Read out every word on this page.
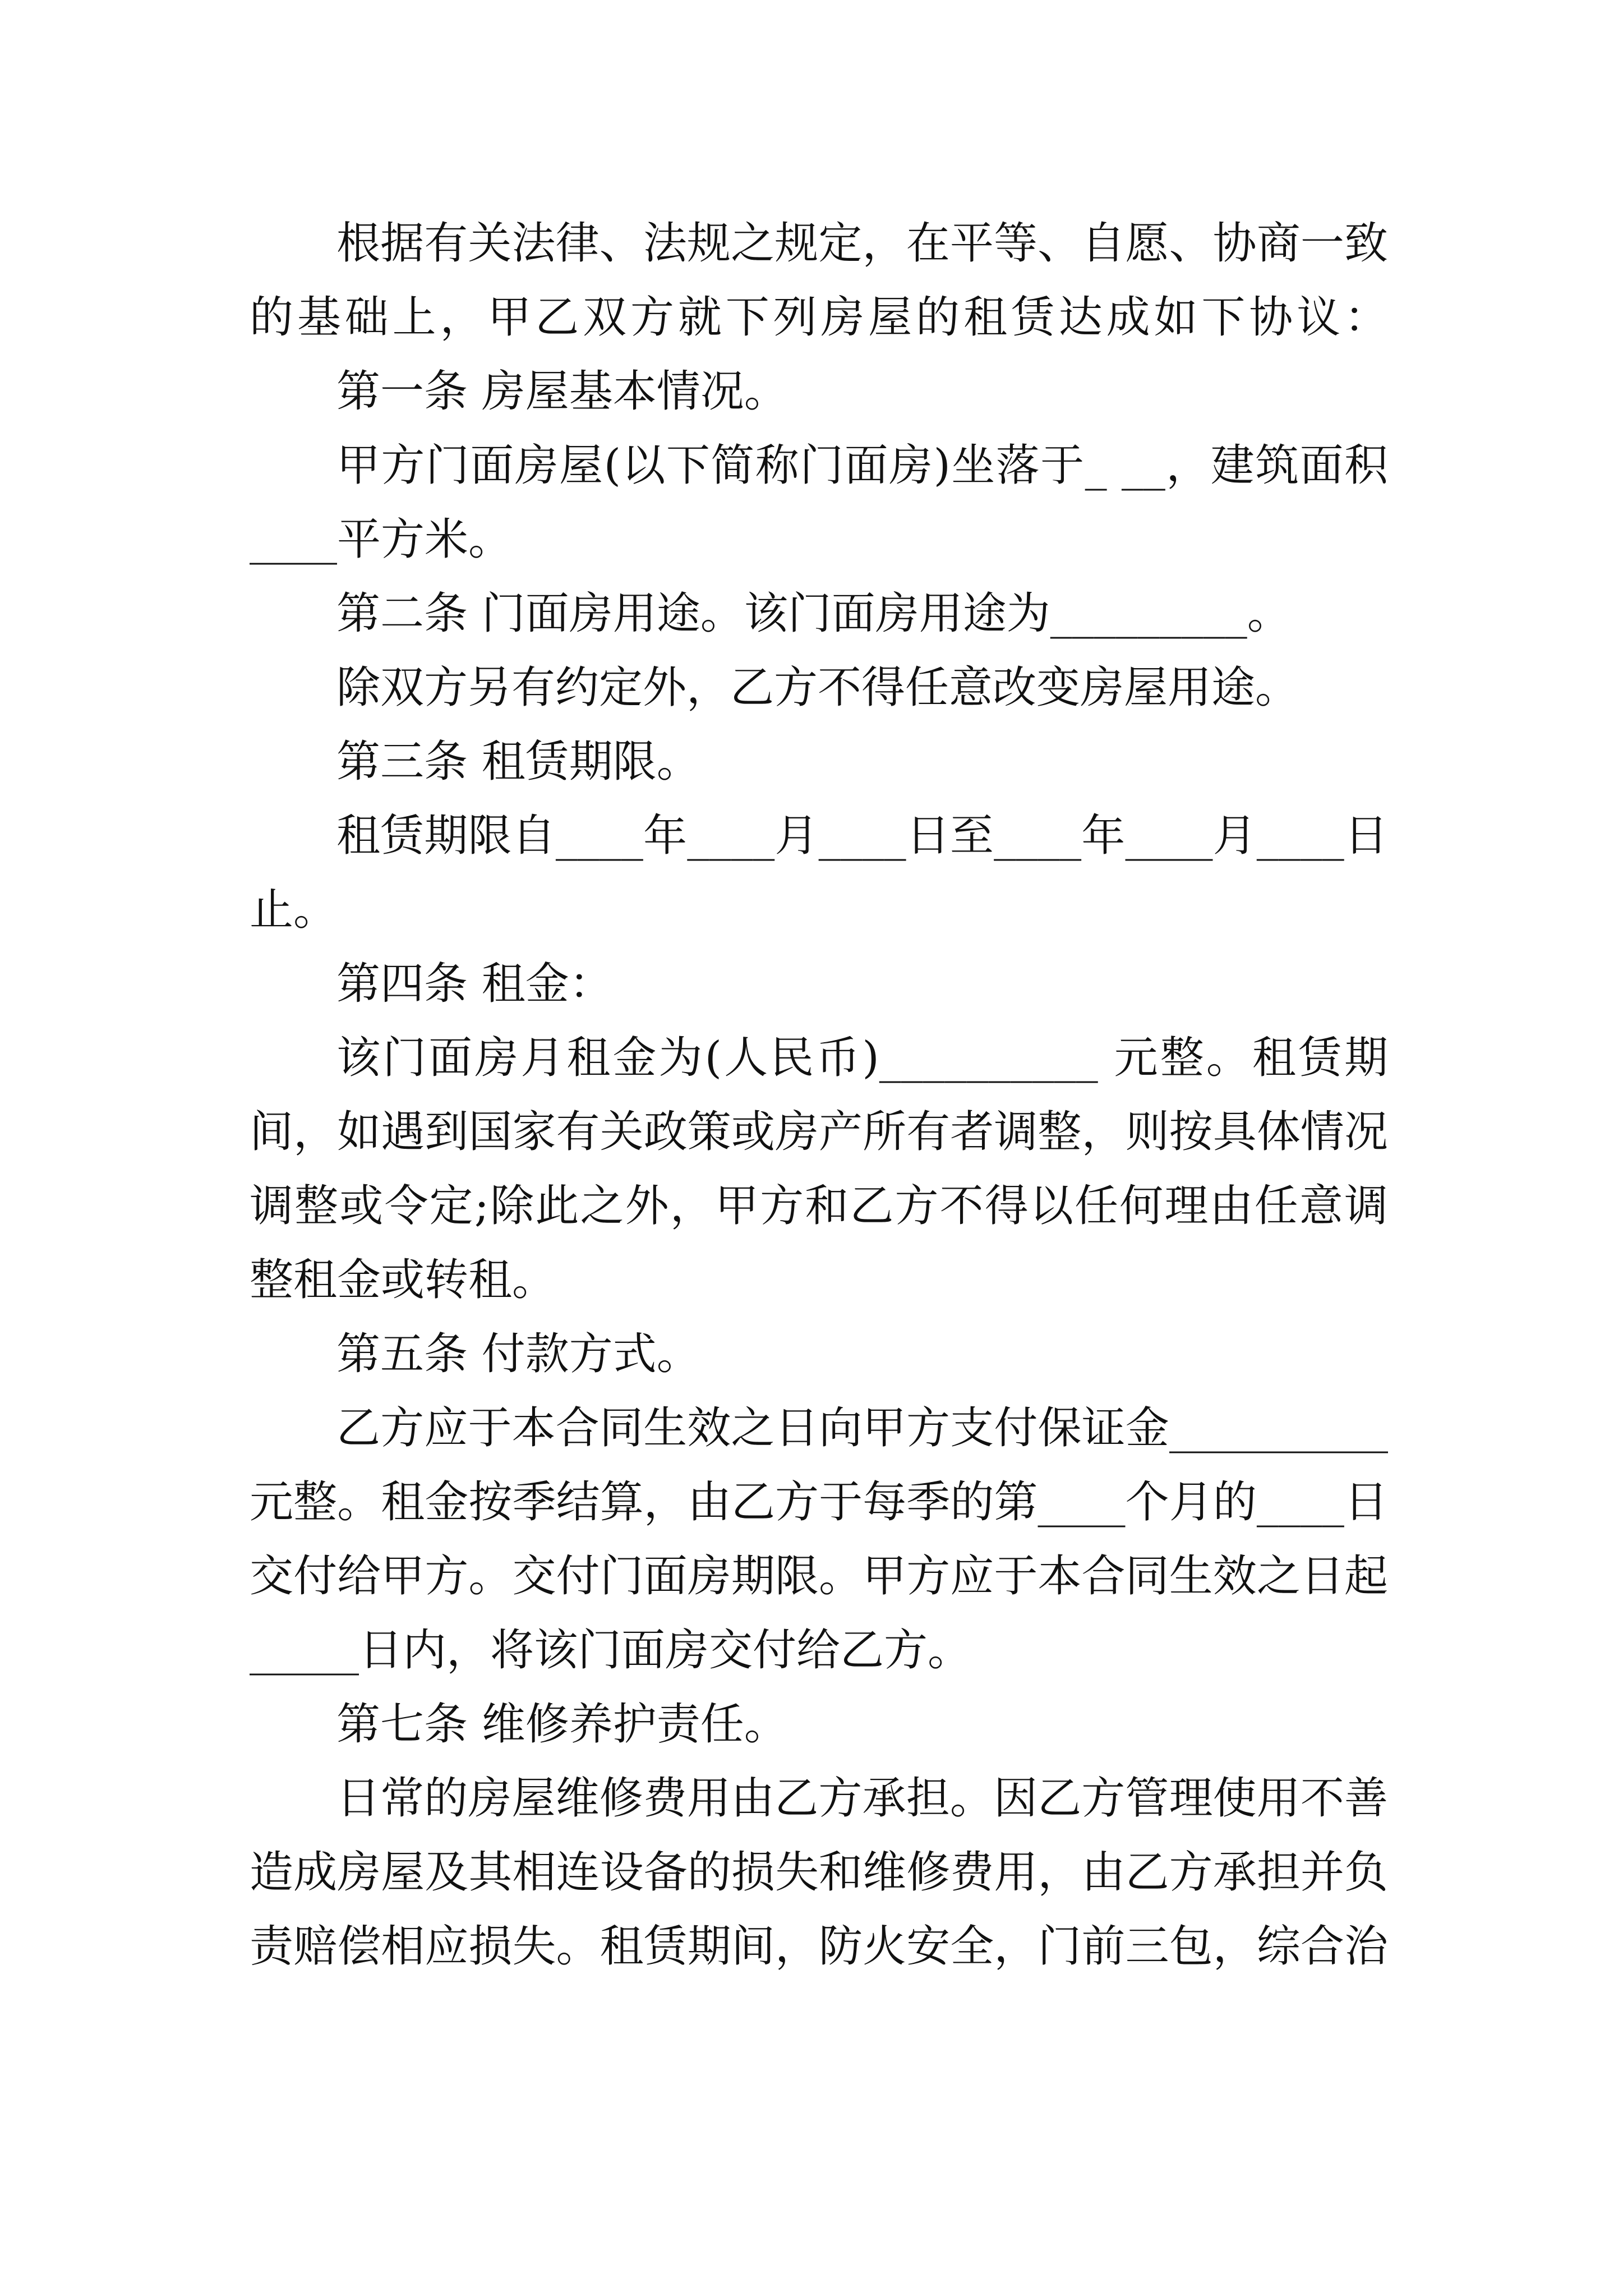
根据有关法律、法规之规定，在平等、自愿、协商一致
的基础上，甲乙双方就下列房屋的租赁达成如下协议：
第一条 房屋基本情况。
甲方门面房屋(以下简称门面房)坐落于_ __，建筑面积
____平方米。
第二条 门面房用途。该门面房用途为_________。
除双方另有约定外，乙方不得任意改变房屋用途。
第三条 租赁期限。
租赁期限自____年____月____日至____年____月____日
止。
第四条 租金：
该门面房月租金为(人民币)__________ 元整。租赁期
间，如遇到国家有关政策或房产所有者调整，则按具体情况
调整或令定;除此之外，甲方和乙方不得以任何理由任意调
整租金或转租。
第五条 付款方式。
乙方应于本合同生效之日向甲方支付保证金__________
元整。租金按季结算，由乙方于每季的第____个月的____日
交付给甲方。交付门面房期限。甲方应于本合同生效之日起
_____日内，将该门面房交付给乙方。
第七条 维修养护责任。
日常的房屋维修费用由乙方承担。因乙方管理使用不善
造成房屋及其相连设备的损失和维修费用，由乙方承担并负
责赔偿相应损失。租赁期间，防火安全，门前三包，综合治
